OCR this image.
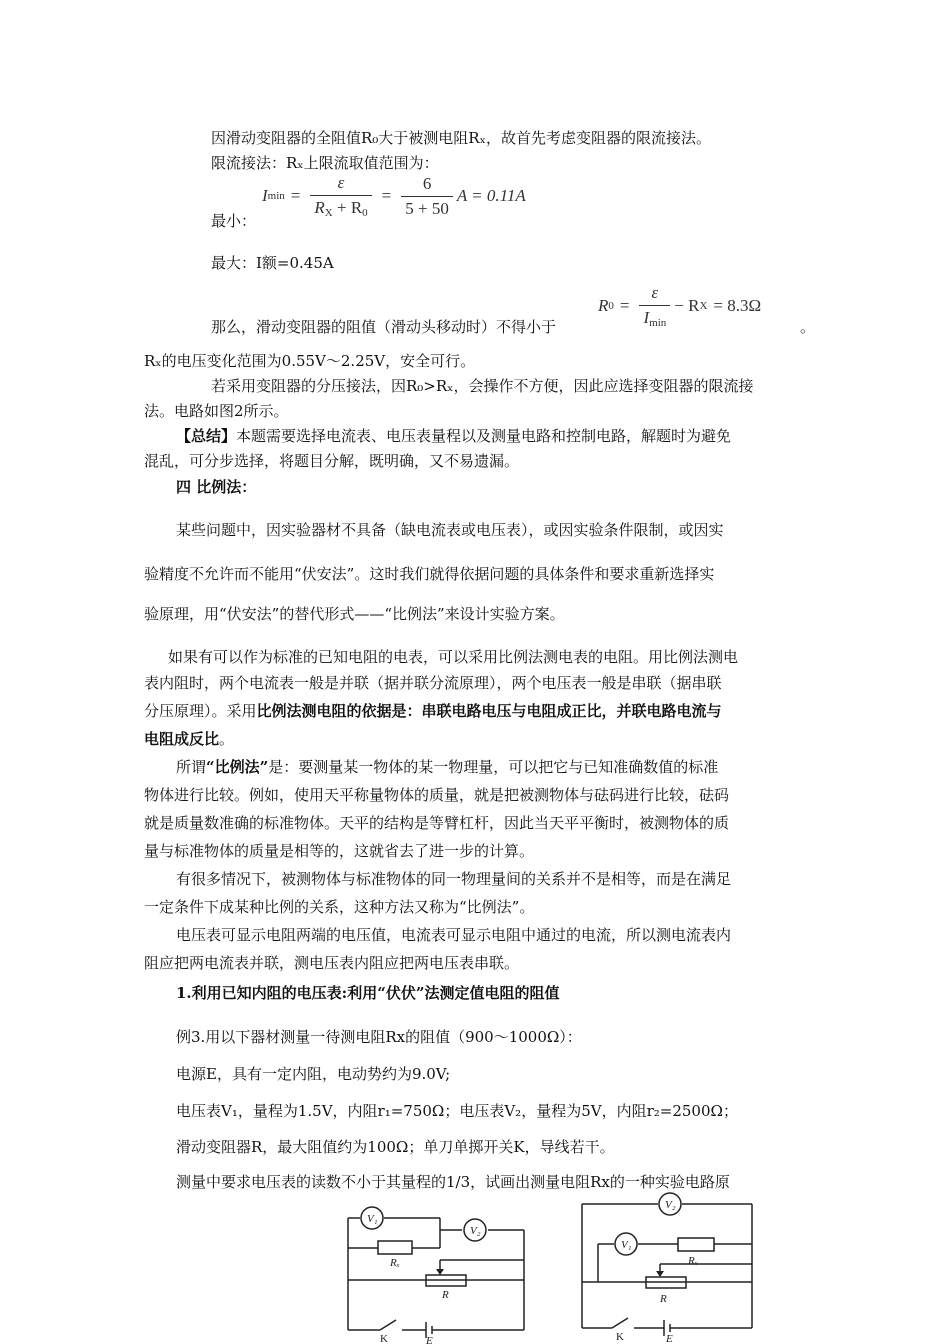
因滑动变阻器的全阻值R₀大于被测电阻Rₓ，故首先考虑变阻器的限流接法。
限流接法：Rₓ上限流取值范围为：
I $\min = \frac{\varepsilon}{R_X + R_0} = \frac{6}{5 + 50}$ A = 0.11A
最小：
最大：I额=0.45A
R $0 = \frac{\varepsilon}{I_{min}} - R$ X = 8.3Ω
那么，滑动变阻器的阻值（滑动头移动时）不得小于	。
Rₓ的电压变化范围为0.55V～2.25V，安全可行。
若采用变阻器的分压接法，因R₀>Rₓ，会操作不方便，因此应选择变阻器的限流接
法。电路如图2所示。
【总结】本题需要选择电流表、电压表量程以及测量电路和控制电路，解题时为避免
混乱，可分步选择，将题目分解，既明确，又不易遗漏。
四 比例法：
某些问题中，因实验器材不具备（缺电流表或电压表），或因实验条件限制，或因实
验精度不允许而不能用“伏安法”。这时我们就得依据问题的具体条件和要求重新选择实
验原理，用“伏安法”的替代形式——“比例法”来设计实验方案。
如果有可以作为标准的已知电阻的电表，可以采用比例法测电表的电阻。用比例法测电
表内阻时，两个电流表一般是并联（据并联分流原理），两个电压表一般是串联（据串联
分压原理）。采用比例法测电阻的依据是：串联电路电压与电阻成正比，并联电路电流与
电阻成反比。
所谓“比例法”是：要测量某一物体的某一物理量，可以把它与已知准确数值的标准
物体进行比较。例如，使用天平称量物体的质量，就是把被测物体与砝码进行比较，砝码
就是质量数准确的标准物体。天平的结构是等臂杠杆，因此当天平平衡时，被测物体的质
量与标准物体的质量是相等的，这就省去了进一步的计算。
有很多情况下，被测物体与标准物体的同一物理量间的关系并不是相等，而是在满足
一定条件下成某种比例的关系，这种方法又称为“比例法”。
电压表可显示电阻两端的电压值，电流表可显示电阻中通过的电流，所以测电流表内
阻应把两电流表并联，测电压表内阻应把两电压表串联。
1.利用已知内阻的电压表:利用“伏伏”法测定值电阻的阻值
例3.用以下器材测量一待测电阻Rx的阻值（900～1000Ω）：
电源E，具有一定内阻，电动势约为9.0V;
电压表V₁，量程为1.5V，内阻r₁=750Ω；电压表V₂，量程为5V，内阻r₂=2500Ω；
滑动变阻器R，最大阻值约为100Ω；单刀单掷开关K，导线若干。
测量中要求电压表的读数不小于其量程的1/3，试画出测量电阻Rx的一种实验电路原
V₁
V₂
Rₓ
R
K	E
V₂
V₁
Rₓ
R
K	E
